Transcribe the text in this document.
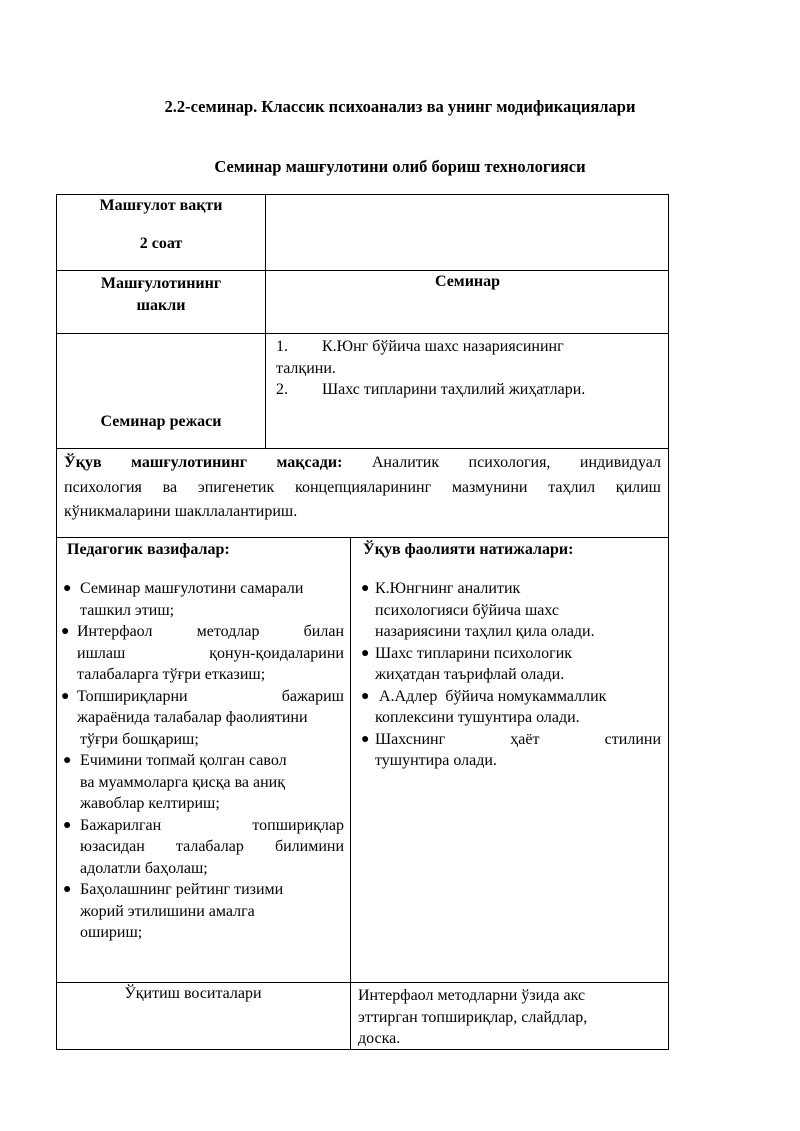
2.2-семинар. Классик психоанализ ва унинг модификациялари
Семинар машғулотини олиб бориш технологияси
Машғулот вақти
2 соат
Машғулотининг
шакли
Семинар
Семинар режаси
1. К.Юнг бўйича шахс назариясининг
талқини.
2. Шахс типларини таҳлилий жиҳатлари.
Ўқув машғулотининг мақсади: Аналитик психология, индивидуал
психология ва эпигенетик концепцияларининг мазмунини таҳлил қилиш
кўникмаларини шакллалантириш.
Педагогик вазифалар:	Ўқув фаолияти натижалари:
● Семинар машғулотини самарали
ташкил этиш;
● Интерфаол методлар билан
ишлаш қонун-қоидаларини
талабаларга тўғри етказиш;
● Топшириқларни бажариш
жараёнида талабалар фаолиятини
тўғри бошқариш;
● Ечимини топмай қолган савол
ва муаммоларга қисқа ва аниқ
жавоблар келтириш;
● Бажарилган топшириқлар
юзасидан талабалар билимини
адолатли баҳолаш;
● Баҳолашнинг рейтинг тизими
жорий этилишини амалга
ошириш;
● К.Юнгнинг аналитик
психологияси бўйича шахс
назариясини таҳлил қила олади.
● Шахс типларини психологик
жиҳатдан таърифлай олади.
● А.Адлер  бўйича номукаммаллик
коплексини тушунтира олади.
● Шахснинг ҳаёт стилини
тушунтира олади.
Ўқитиш воситалари	Интерфаол методларни ўзида акс
эттирган топшириқлар, слайдлар,
доска.
